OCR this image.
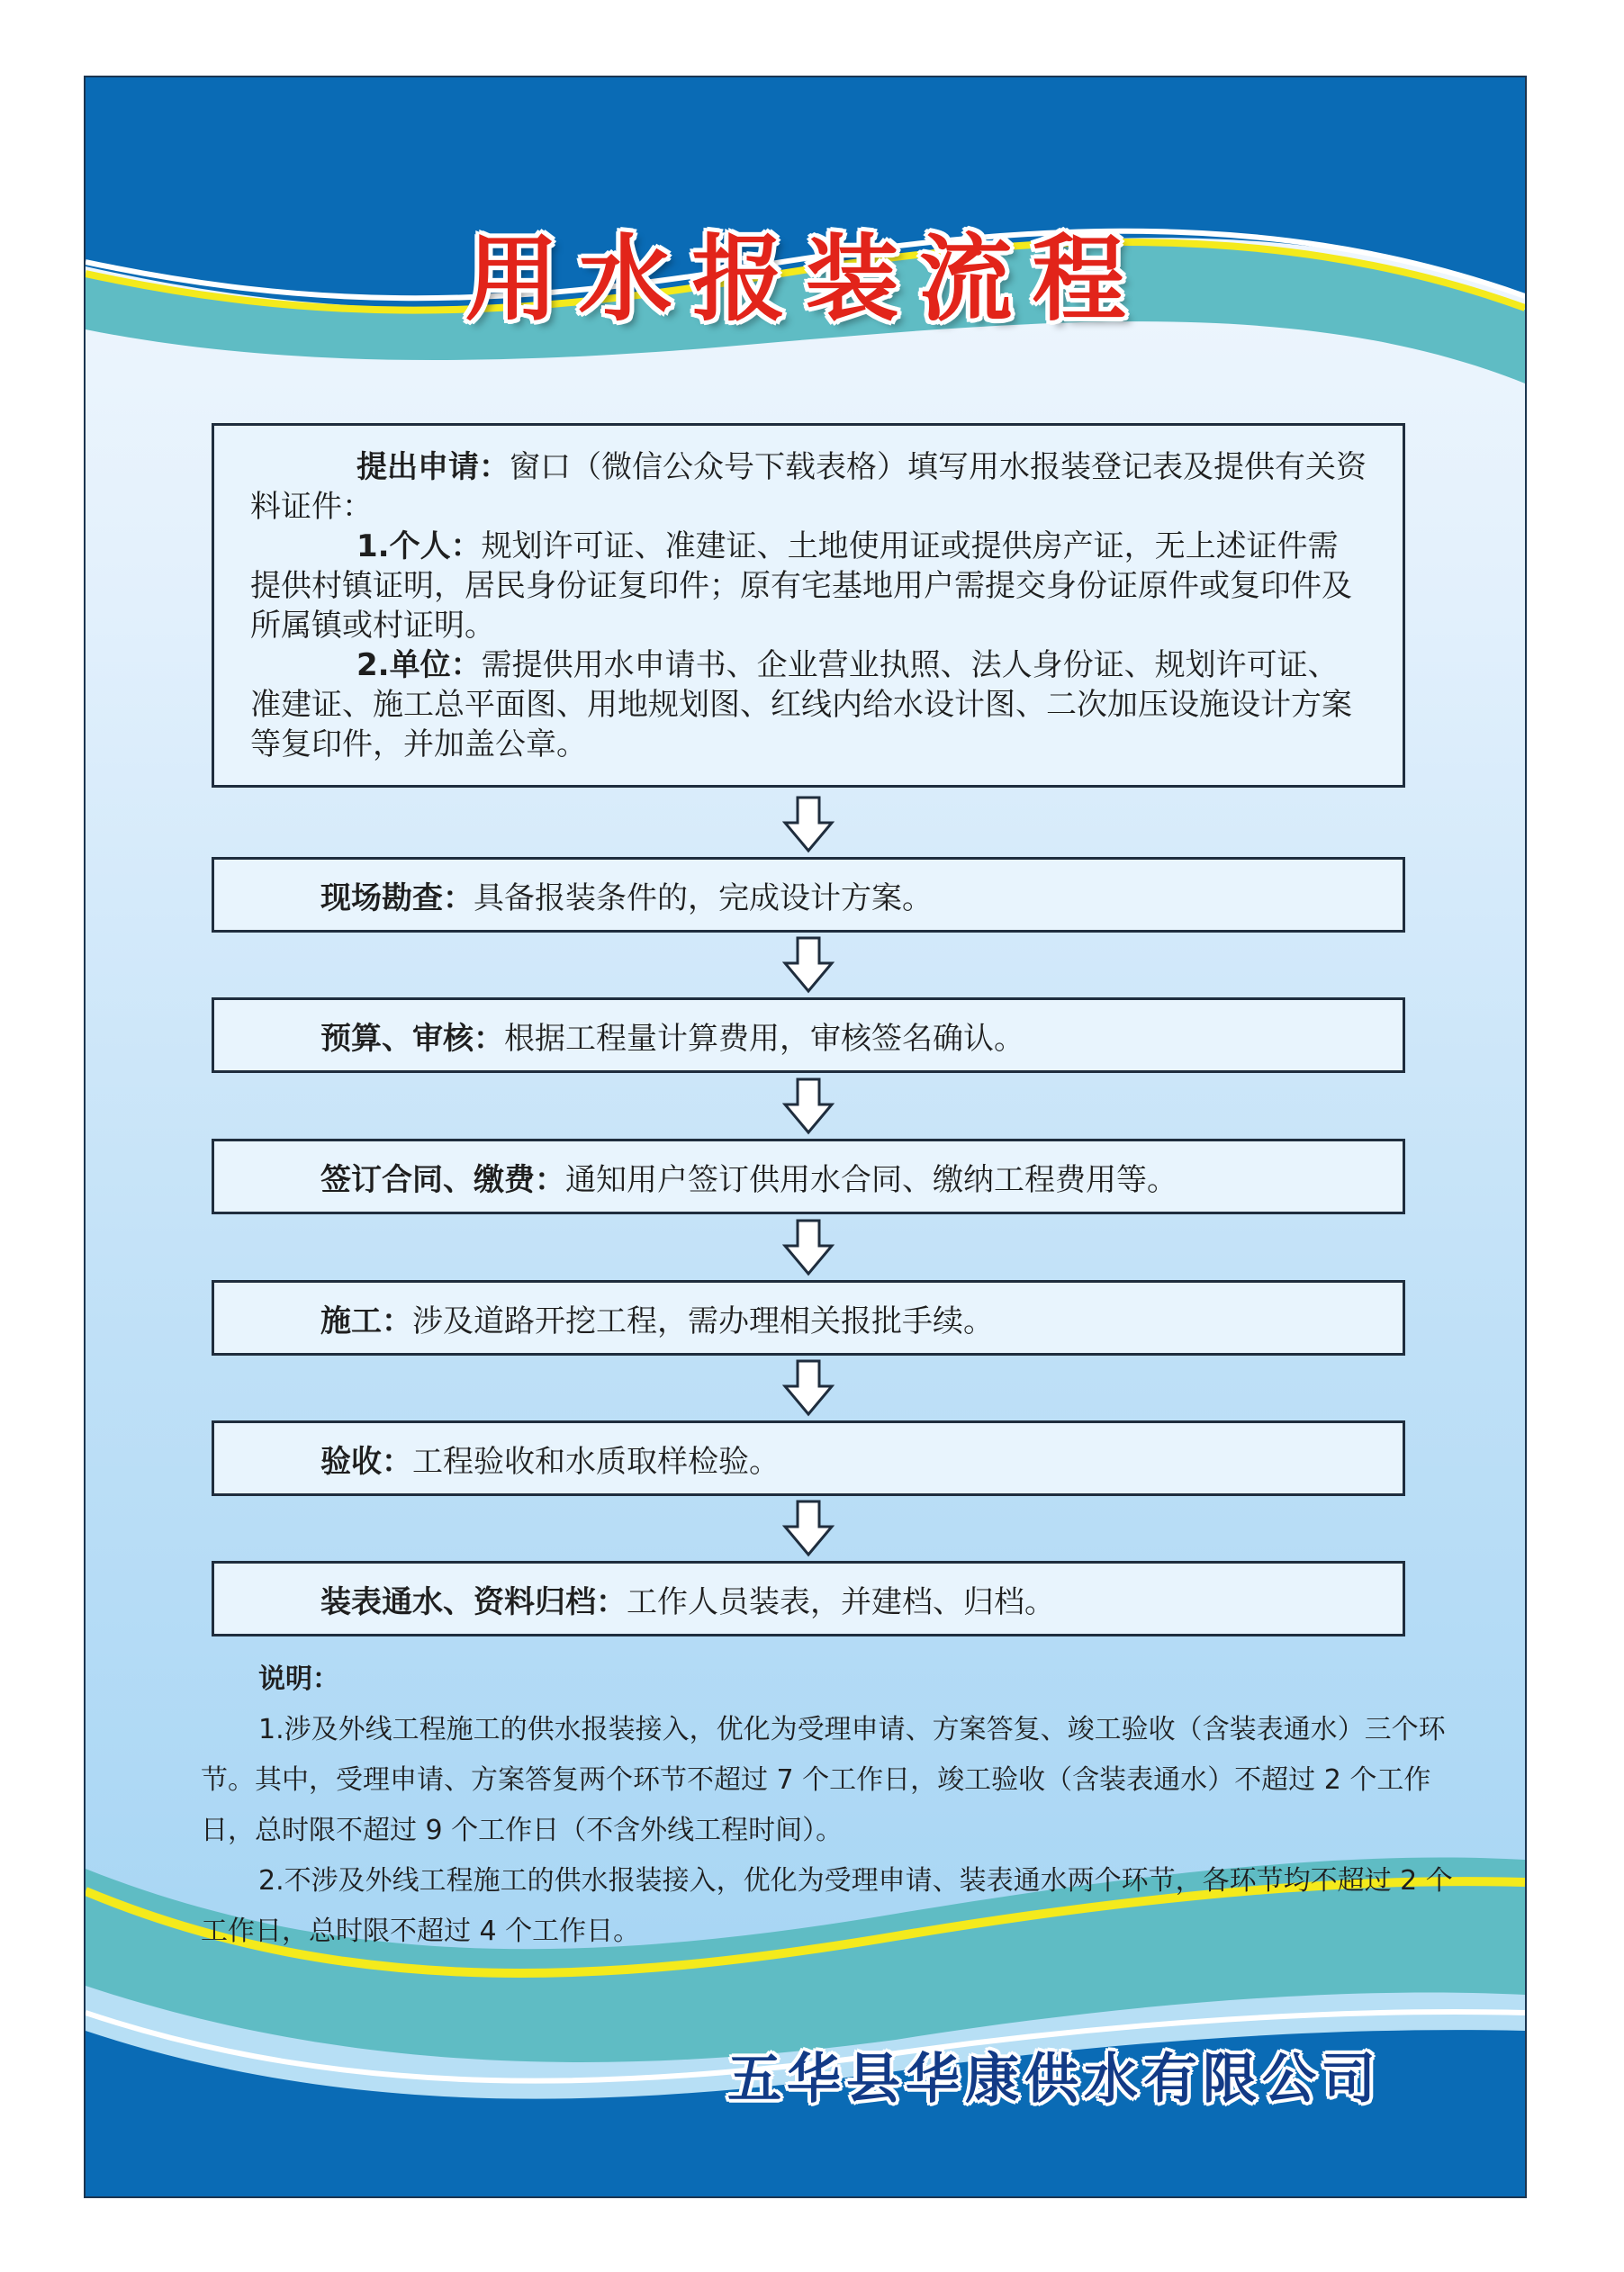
用水报装流程

提出申请：窗口（微信公众号下载表格）填写用水报装登记表及提供有关资料证件：

1.个人：规划许可证、准建证、土地使用证或提供房产证，无上述证件需提供村镇证明，居民身份证复印件；原有宅基地用户需提交身份证原件或复印件及所属镇或村证明。

2.单位：需提供用水申请书、企业营业执照、法人身份证、规划许可证、准建证、施工总平面图、用地规划图、红线内给水设计图、二次加压设施设计方案等复印件，并加盖公章。

现场勘查： 具备报装条件的，完成设计方案。
预算、审核： 根据工程量计算费用，审核签名确认。
签订合同、缴费： 通知用户签订供用水合同、缴纳工程费用等。
施工： 涉及道路开挖工程，需办理相关报批手续。
验收： 工程验收和水质取样检验。
装表通水、资料归档： 工作人员装表，并建档、归档。

说明：

1.涉及外线工程施工的供水报装接入，优化为受理申请、方案答复、竣工验收（含装表通水）三个环节。其中，受理申请、方案答复两个环节不超过 7 个工作日，竣工验收（含装表通水）不超过 2 个工作日，总时限不超过 9 个工作日（不含外线工程时间）。

2.不涉及外线工程施工的供水报装接入，优化为受理申请、装表通水两个环节，各环节均不超过 2 个工作日，总时限不超过 4 个工作日。

五华县华康供水有限公司
